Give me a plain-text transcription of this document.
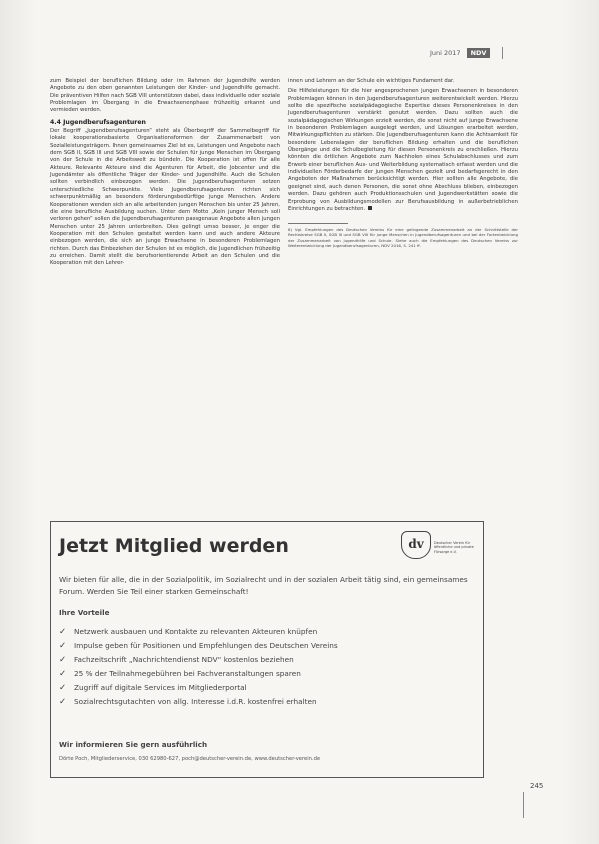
Juni 2017	NDV

zum Beispiel der beruflichen Bildung oder im Rahmen der Jugendhilfe werden Angebote zu den oben genannten Leistungen der Kinder- und Jugendhilfe gemacht. Die präventiven Hilfen nach SGB VIII unterstützen dabei, dass individuelle oder soziale Problemlagen im Übergang in die Erwachsenenphase frühzeitig erkannt und vermieden werden.

4.4 Jugendberufsagenturen

Der Begriff „Jugendberufsagenturen“ steht als Überbegriff der Sammelbegriff für lokale kooperationsbasierte Organisationsformen der Zusammenarbeit von Sozialleistungsträgern. Ihnen gemeinsames Ziel ist es, Leistungen und Angebote nach dem SGB II, SGB III und SGB VIII sowie der Schulen für junge Menschen im Übergang von der Schule in die Arbeitswelt zu bündeln. Die Kooperation ist offen für alle Akteure. Relevante Akteure sind die Agenturen für Arbeit, die Jobcenter und die Jugendämter als öffentliche Träger der Kinder- und Jugendhilfe. Auch die Schulen sollten verbindlich einbezogen werden. Die Jugendberufsagenturen setzen unterschiedliche Schwerpunkte. Viele Jugendberufsagenturen richten sich schwerpunktmäßig an besonders förderungsbedürftige junge Menschen. Andere Kooperationen wenden sich an alle arbeitenden jungen Menschen bis unter 25 Jahren, die eine berufliche Ausbildung suchen. Unter dem Motto „Kein junger Mensch soll verloren gehen“ sollen die Jugendberufsagenturen passgenaue Angebote allen jungen Menschen unter 25 Jahren unterbreiten. Dies gelingt umso besser, je enger die Kooperation mit den Schulen gestaltet werden kann und auch andere Akteure einbezogen werden, die sich an junge Erwachsene in besonderen Problemlagen richten. Durch das Einbeziehen der Schulen ist es möglich, die Jugendlichen frühzeitig zu erreichen. Damit stellt die berufsorientierende Arbeit an den Schulen und die Kooperation mit den Lehrer-

innen und Lehrern an der Schule ein wichtiges Fundament dar.

Die Hilfeleistungen für die hier angesprochenen jungen Erwachsenen in besonderen Problemlagen können in den Jugendberufsagenturen weiterentwickelt werden. Hierzu sollte die spezifische sozialpädagogische Expertise dieses Personenkreises in den Jugendberufsagenturen verstärkt genutzt werden. Dazu sollten auch die sozialpädagogischen Wirkungen erzielt werden, die sonst nicht auf junge Erwachsene in besonderen Problemlagen ausgelegt werden, und Lösungen erarbeitet werden, Mitwirkungspflichten zu stärken. Die Jugendberufsagenturen kann die Achtsamkeit für besondere Lebenslagen der beruflichen Bildung erhalten und die beruflichen Übergänge und die Schulbegleitung für diesen Personenkreis zu erschließen. Hierzu könnten die örtlichen Angebote zum Nachholen eines Schulabschlusses und zum Erwerb einer beruflichen Aus- und Weiterbildung systematisch erfasst werden und die individuellen Förderbedarfe der jungen Menschen gezielt und bedarfsgerecht in den Angeboten der Maßnahmen berücksichtigt werden. Hier sollten alle Angebote, die geeignet sind, auch denen Personen, die sonst ohne Abschluss blieben, einbezogen werden. Dazu gehören auch Produktionsschulen und Jugendwerkstätten sowie die Erprobung von Ausbildungsmodellen zur Berufsausbildung in außerbetrieblichen Einrichtungen zu betrachten.

8) Vgl. Empfehlungen des Deutschen Vereins für eine gelingende Zusammenarbeit an der Schnittstelle der Rechtskreise SGB II, SGB III und SGB VIII für junge Menschen in Jugendberufsagenturen und bei der Fortentwicklung der Zusammenarbeit von Jugendhilfe und Schule. Siehe auch die Empfehlungen des Deutschen Vereins zur Weiterentwicklung der Jugendberufsagenturen, NDV 2016, S. 241 ff.
Jetzt Mitglied werden	dv	Deutscher Verein für öffentliche und private Fürsorge e.V.
Wir bieten für alle, die in der Sozialpolitik, im Sozialrecht und in der sozialen Arbeit tätig sind, ein gemeinsames Forum. Werden Sie Teil einer starken Gemeinschaft!
Ihre Vorteile
✓	Netzwerk ausbauen und Kontakte zu relevanten Akteuren knüpfen
✓	Impulse geben für Positionen und Empfehlungen des Deutschen Vereins
✓	Fachzeitschrift „Nachrichtendienst NDV“ kostenlos beziehen
✓	25 % der Teilnahmegebühren bei Fachveranstaltungen sparen
✓	Zugriff auf digitale Services im Mitgliederportal
✓	Sozialrechtsgutachten von allg. Interesse i.d.R. kostenfrei erhalten
Wir informieren Sie gern ausführlich
Dörte Poch, Mitgliederservice, 030 62980-627, poch@deutscher-verein.de, www.deutscher-verein.de
245
